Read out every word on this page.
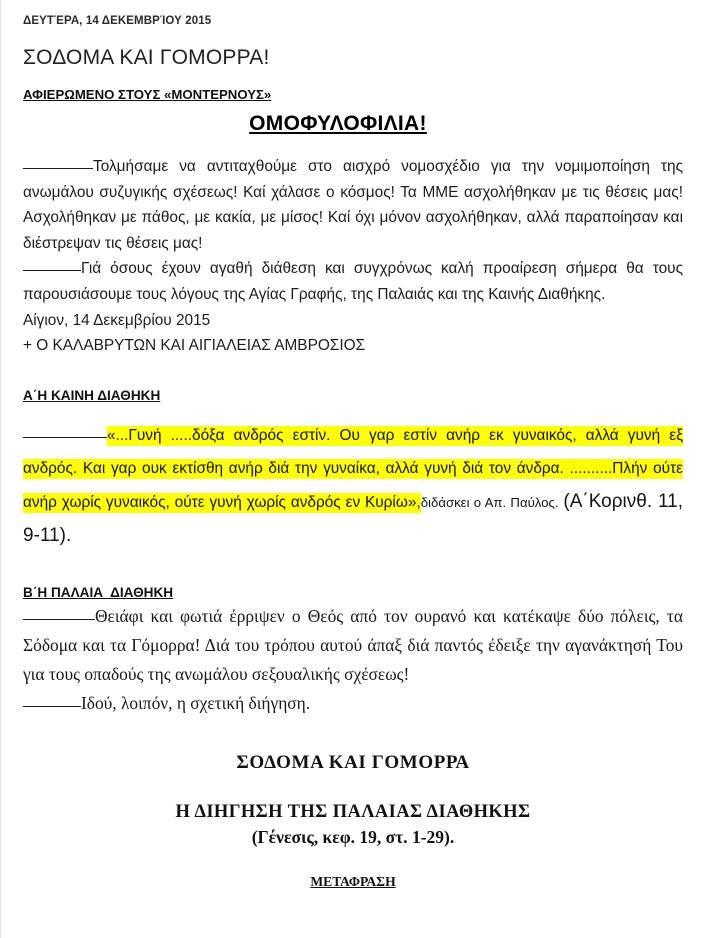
ΔΕΥΤΈΡΑ, 14 ΔΕΚΕΜΒΡΊΟΥ 2015
ΣΟΔΟΜΑ ΚΑΙ ΓΟΜΟΡΡΑ!
ΑΦΙΕΡΩΜΕΝΟ ΣΤΟΥΣ «ΜΟΝΤΕΡΝΟΥΣ»
ΟΜΟΦΥΛΟΦΙΛΙΑ!

Τολμήσαμε να αντιταχθούμε στο αισχρό νομοσχέδιο για την νομιμοποίηση της ανωμάλου συζυγικής σχέσεως! Καί χάλασε ο κόσμος! Τα ΜΜΕ ασχολήθηκαν με τις θέσεις μας! Ασχολήθηκαν με πάθος, με κακία, με μίσος! Καί όχι μόνον ασχολήθηκαν, αλλά παραποίησαν και διέστρεψαν τις θέσεις μας!

Γιά όσους έχουν αγαθή διάθεση και συγχρόνως καλή προαίρεση σήμερα θα τους παρουσιάσουμε τους λόγους της Αγίας Γραφής, της Παλαιάς και της Καινής Διαθήκης.

Αίγιον, 14 Δεκεμβρίου 2015
+ Ο ΚΑΛΑΒΡΥΤΩΝ ΚΑΙ ΑΙΓΙΑΛΕΙΑΣ ΑΜΒΡΟΣΙΟΣ
Α΄Η ΚΑΙΝΗ ΔΙΑΘΗΚΗ

«...Γυνή .....δόξα ανδρός εστίν. Ου γαρ εστίν ανήρ εκ γυναικός, αλλά γυνή εξ ανδρός. Και γαρ ουκ εκτίσθη ανήρ διά την γυναίκα, αλλά γυνή διά τον άνδρα. ..........Πλήν ούτε ανήρ χωρίς γυναικός, ούτε γυνή χωρίς ανδρός εν Κυρίω»,διδάσκει ο Απ. Παύλος. (Α΄Κορινθ. 11, 9-11).

Β΄Η ΠΑΛΑΙΑ  ΔΙΑΘΗΚΗ

Θειάφι και φωτιά έρριψεν ο Θεός από τον ουρανό και κατέκαψε δύο πόλεις, τα Σόδομα και τα Γόμορρα! Διά του τρόπου αυτού άπαξ διά παντός έδειξε την αγανάκτησή Του για τους οπαδούς της ανωμάλου σεξουαλικής σχέσεως!

Ιδού, λοιπόν, η σχετική διήγηση.

ΣΟΔΟΜΑ ΚΑΙ ΓΟΜΟΡΡΑ
Η ΔΙΗΓΗΣΗ ΤΗΣ ΠΑΛΑΙΑΣ ΔΙΑΘΗΚΗΣ
(Γένεσις, κεφ. 19, στ. 1-29).
ΜΕΤΑΦΡΑΣΗ
